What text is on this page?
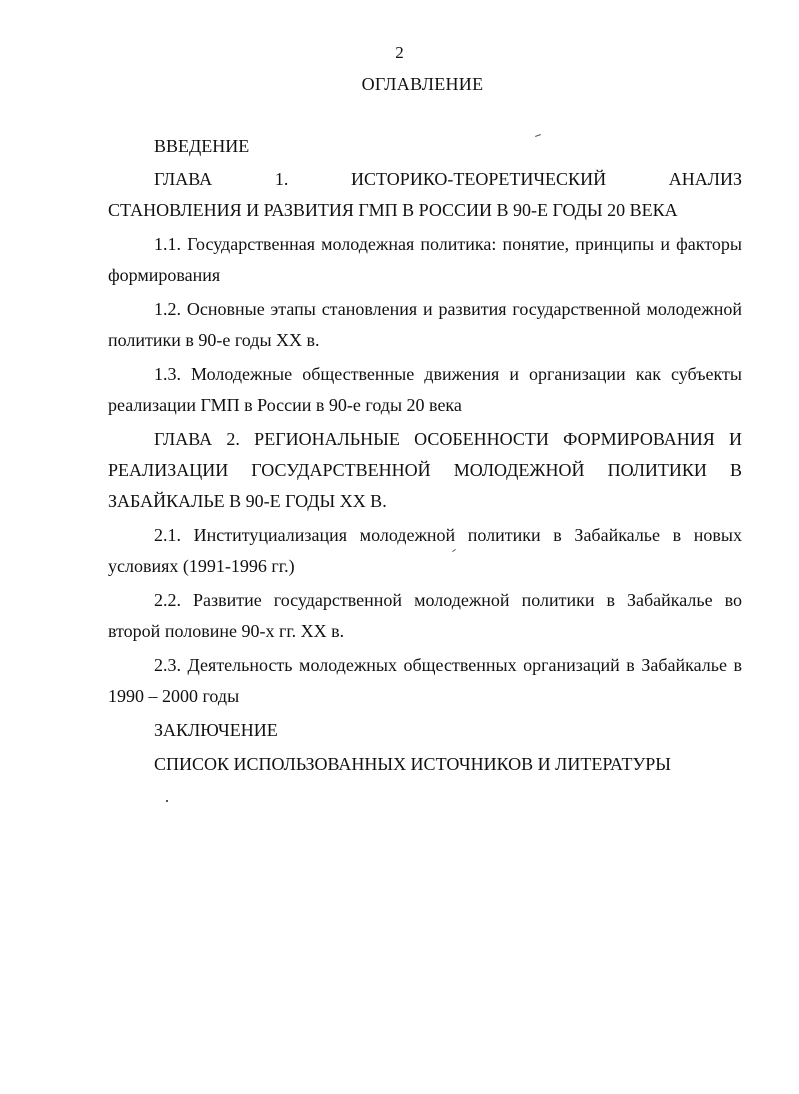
2
ОГЛАВЛЕНИЕ

ВВЕДЕНИЕ

ГЛАВА	1.	ИСТОРИКО-ТЕОРЕТИЧЕСКИЙ	АНАЛИЗ

СТАНОВЛЕНИЯ И РАЗВИТИЯ ГМП В РОССИИ В 90-Е ГОДЫ 20 ВЕКА

1.1. Государственная молодежная политика: понятие, принципы и факторы формирования

1.2. Основные этапы становления и развития государственной молодежной политики в 90-е годы XX в.

1.3. Молодежные общественные движения и организации как субъекты реализации ГМП в России в 90-е годы 20 века

ГЛАВА 2. РЕГИОНАЛЬНЫЕ ОСОБЕННОСТИ ФОРМИРОВАНИЯ И РЕАЛИЗАЦИИ ГОСУДАРСТВЕННОЙ МОЛОДЕЖНОЙ ПОЛИТИКИ В ЗАБАЙКАЛЬЕ В 90-Е ГОДЫ XX В.

2.1. Институциализация молодежной политики в Забайкалье в новых условиях (1991-1996 гг.)

2.2. Развитие государственной молодежной политики в Забайкалье во второй половине 90-х гг. XX в.

2.3. Деятельность молодежных общественных организаций в Забайкалье в 1990 – 2000 годы

ЗАКЛЮЧЕНИЕ

СПИСОК ИСПОЛЬЗОВАННЫХ ИСТОЧНИКОВ И ЛИТЕРАТУРЫ
